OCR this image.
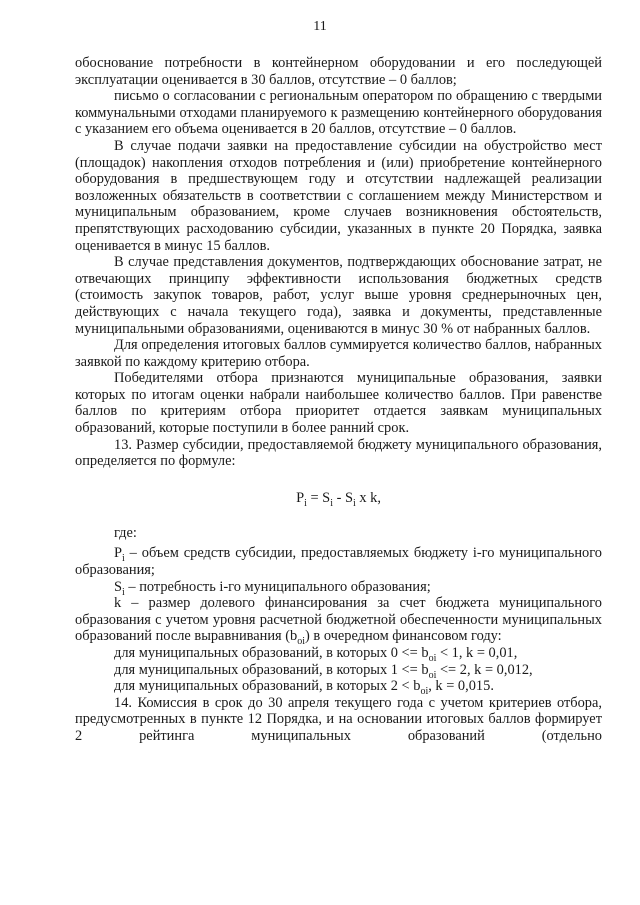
11

обоснование потребности в контейнерном оборудовании и его последующей эксплуатации оценивается в 30 баллов, отсутствие – 0 баллов;

письмо о согласовании с региональным оператором по обращению с твердыми коммунальными отходами планируемого к размещению контейнерного оборудования с указанием его объема оценивается в 20 баллов, отсутствие – 0 баллов.

В случае подачи заявки на предоставление субсидии на обустройство мест (площадок) накопления отходов потребления и (или) приобретение контейнерного оборудования в предшествующем году и отсутствии надлежащей реализации возложенных обязательств в соответствии с соглашением между Министерством и муниципальным образованием, кроме случаев возникновения обстоятельств, препятствующих расходованию субсидии, указанных в пункте 20 Порядка, заявка оценивается в минус 15 баллов.

В случае представления документов, подтверждающих обоснование затрат, не отвечающих принципу эффективности использования бюджетных средств (стоимость закупок товаров, работ, услуг выше уровня среднерыночных цен, действующих с начала текущего года), заявка и документы, представленные муниципальными образованиями, оцениваются в минус 30 % от набранных баллов.

Для определения итоговых баллов суммируется количество баллов, набранных заявкой по каждому критерию отбора.

Победителями отбора признаются муниципальные образования, заявки которых по итогам оценки набрали наибольшее количество баллов. При равенстве баллов по критериям отбора приоритет отдается заявкам муниципальных образований, которые поступили в более ранний срок.

13. Размер субсидии, предоставляемой бюджету муниципального образования, определяется по формуле:

$P_i = S_i - S_i$ x k,

где:

$P_i$ – объем средств субсидии, предоставляемых бюджету i-го муниципального образования;

$S_i$ – потребность i-го муниципального образования;

k – размер долевого финансирования за счет бюджета муниципального образования с учетом уровня расчетной бюджетной обеспеченности муниципальных образований после выравнивания $(b_{oi})$ в очередном финансовом году:

для муниципальных образований, в которых $0 <= b_{oi} < 1$, k = 0,01,

для муниципальных образований, в которых $1 <= b_{oi} <= 2$, k = 0,012,

для муниципальных образований, в которых $2 < b_{oi}$, k = 0,015.

14. Комиссия в срок до 30 апреля текущего года с учетом критериев отбора, предусмотренных в пункте 12 Порядка, и на основании итоговых баллов формирует 2 рейтинга муниципальных образований (отдельно
